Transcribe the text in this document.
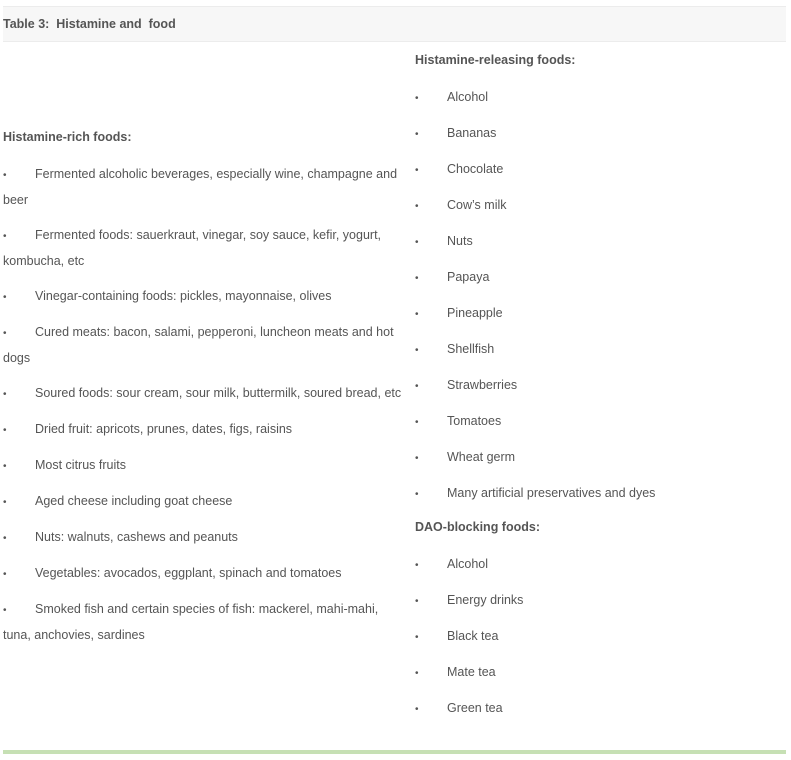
Table 3:  Histamine and  food
Histamine-rich foods:
• Fermented alcoholic beverages, especially wine, champagne and beer
• Fermented foods: sauerkraut, vinegar, soy sauce, kefir, yogurt, kombucha, etc
• Vinegar-containing foods: pickles, mayonnaise, olives
• Cured meats: bacon, salami, pepperoni, luncheon meats and hot dogs
• Soured foods: sour cream, sour milk, buttermilk, soured bread, etc
• Dried fruit: apricots, prunes, dates, figs, raisins
• Most citrus fruits
• Aged cheese including goat cheese
• Nuts: walnuts, cashews and peanuts
• Vegetables: avocados, eggplant, spinach and tomatoes
• Smoked fish and certain species of fish: mackerel, mahi-mahi, tuna, anchovies, sardines
Histamine-releasing foods:
• Alcohol
• Bananas
• Chocolate
• Cow’s milk
• Nuts
• Papaya
• Pineapple
• Shellfish
• Strawberries
• Tomatoes
• Wheat germ
• Many artificial preservatives and dyes
DAO-blocking foods:
• Alcohol
• Energy drinks
• Black tea
• Mate tea
• Green tea
